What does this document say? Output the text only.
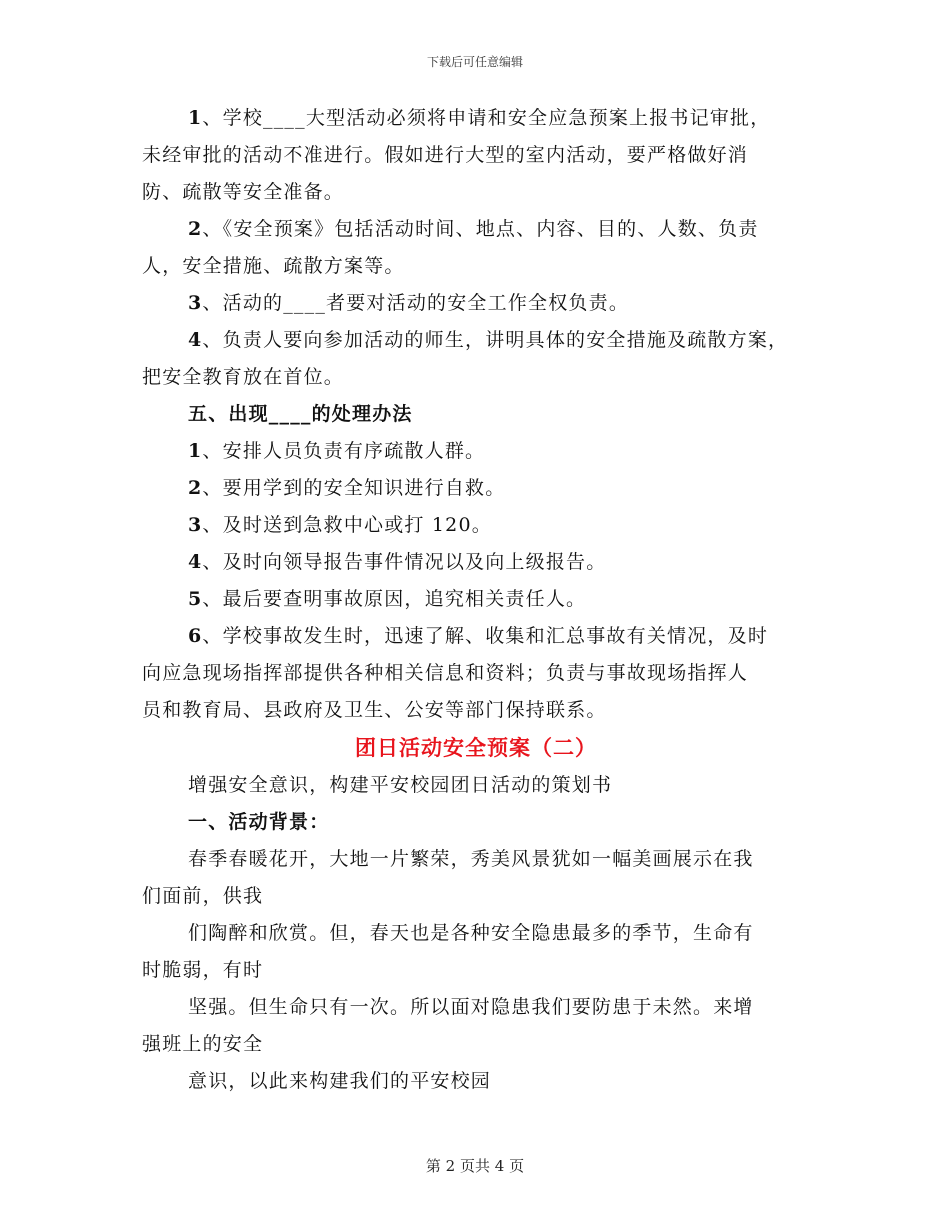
下载后可任意编辑

1、学校____大型活动必须将申请和安全应急预案上报书记审批，

未经审批的活动不准进行。假如进行大型的室内活动，要严格做好消

防、疏散等安全准备。

2、《安全预案》包括活动时间、地点、内容、目的、人数、负责

人，安全措施、疏散方案等。

3、活动的____者要对活动的安全工作全权负责。

4、负责人要向参加活动的师生，讲明具体的安全措施及疏散方案，

把安全教育放在首位。

五、出现____的处理办法

1、安排人员负责有序疏散人群。

2、要用学到的安全知识进行自救。

3、及时送到急救中心或打 120。

4、及时向领导报告事件情况以及向上级报告。

5、最后要查明事故原因，追究相关责任人。

6、学校事故发生时，迅速了解、收集和汇总事故有关情况，及时

向应急现场指挥部提供各种相关信息和资料；负责与事故现场指挥人

员和教育局、县政府及卫生、公安等部门保持联系。

团日活动安全预案（二）

增强安全意识，构建平安校园团日活动的策划书

一、活动背景：

春季春暖花开，大地一片繁荣，秀美风景犹如一幅美画展示在我

们面前，供我

们陶醉和欣赏。但，春天也是各种安全隐患最多的季节，生命有

时脆弱，有时

坚强。但生命只有一次。所以面对隐患我们要防患于未然。来增

强班上的安全

意识，以此来构建我们的平安校园

第 2 页共 4 页
